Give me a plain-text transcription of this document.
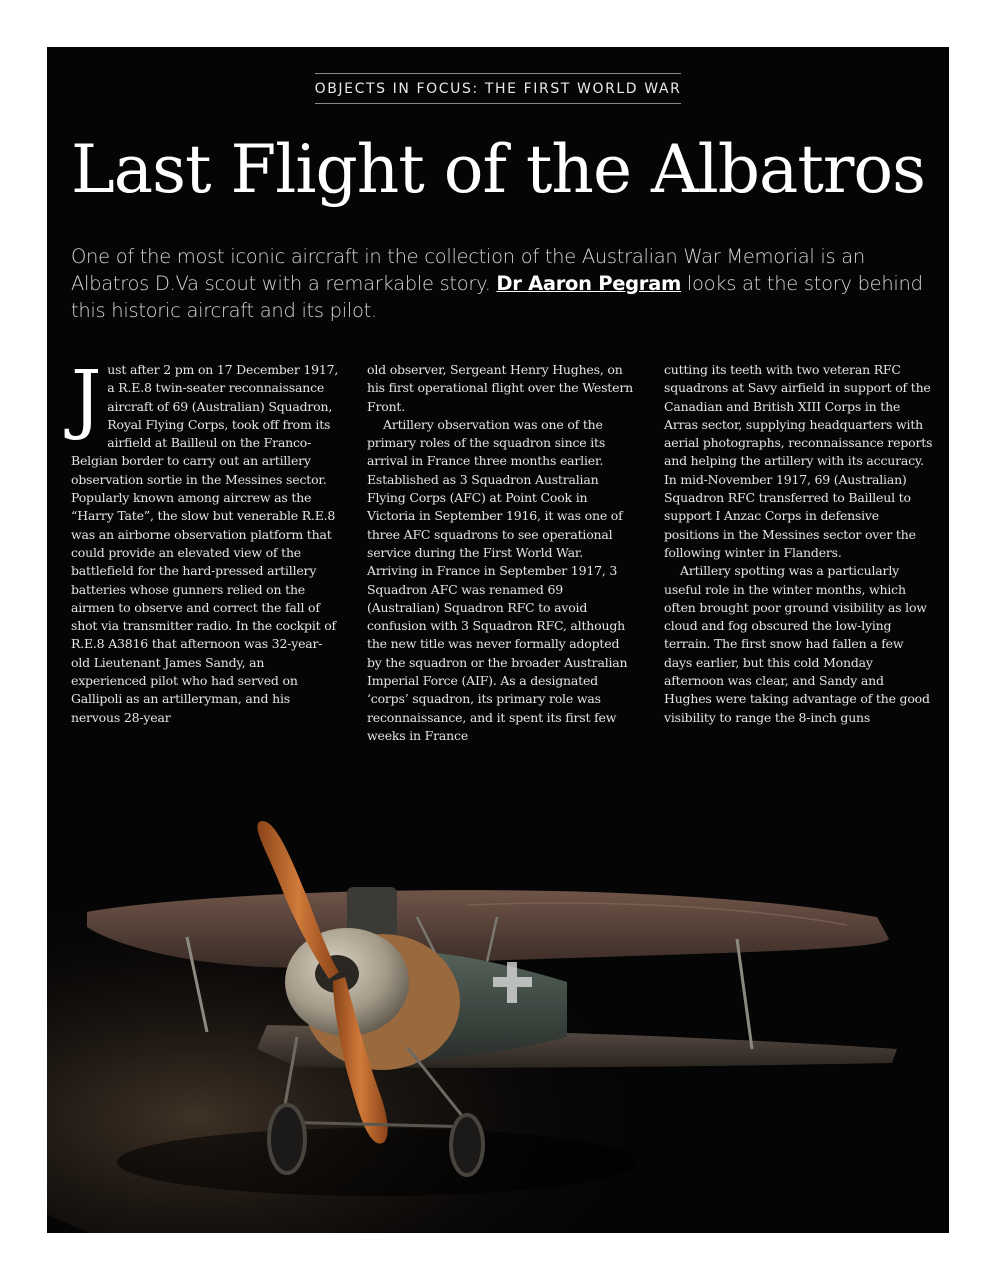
OBJECTS IN FOCUS: THE FIRST WORLD WAR
Last Flight of the Albatros

One of the most iconic aircraft in the collection of the Australian War Memorial is an Albatros D.Va scout with a remarkable story. Dr Aaron Pegram looks at the story behind this historic aircraft and its pilot.

J ust after 2 pm on 17 December 1917, a R.E.8 twin-seater reconnaissance aircraft of 69 (Australian) Squadron, Royal Flying Corps, took off from its airfield at Bailleul on the Franco-Belgian border to carry out an artillery observation sortie in the Messines sector. Popularly known among aircrew as the “Harry Tate”, the slow but venerable R.E.8 was an airborne observation platform that could provide an elevated view of the battlefield for the hard-pressed artillery batteries whose gunners relied on the airmen to observe and correct the fall of shot via transmitter radio. In the cockpit of R.E.8 A3816 that afternoon was 32-year-old Lieutenant James Sandy, an experienced pilot who had served on Gallipoli as an artilleryman, and his nervous 28-year

old observer, Sergeant Henry Hughes, on his first operational flight over the Western Front.

Artillery observation was one of the primary roles of the squadron since its arrival in France three months earlier. Established as 3 Squadron Australian Flying Corps (AFC) at Point Cook in Victoria in September 1916, it was one of three AFC squadrons to see operational service during the First World War. Arriving in France in September 1917, 3 Squadron AFC was renamed 69 (Australian) Squadron RFC to avoid confusion with 3 Squadron RFC, although the new title was never formally adopted by the squadron or the broader Australian Imperial Force (AIF). As a designated ‘corps’ squadron, its primary role was reconnaissance, and it spent its first few weeks in France

cutting its teeth with two veteran RFC squadrons at Savy airfield in support of the Canadian and British XIII Corps in the Arras sector, supplying headquarters with aerial photographs, reconnaissance reports and helping the artillery with its accuracy. In mid-November 1917, 69 (Australian) Squadron RFC transferred to Bailleul to support I Anzac Corps in defensive positions in the Messines sector over the following winter in Flanders.

Artillery spotting was a particularly useful role in the winter months, which often brought poor ground visibility as low cloud and fog obscured the low-lying terrain. The first snow had fallen a few days earlier, but this cold Monday afternoon was clear, and Sandy and Hughes were taking advantage of the good visibility to range the 8-inch guns
